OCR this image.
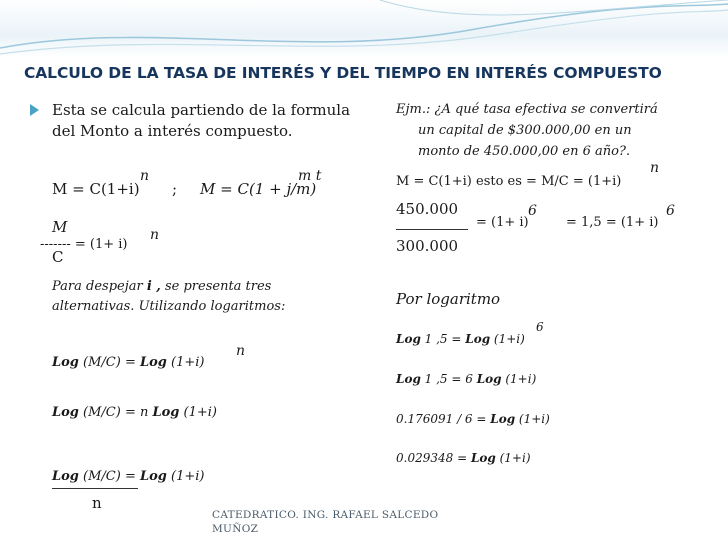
CALCULO DE LA TASA DE INTERÉS Y DEL TIEMPO EN INTERÉS COMPUESTO
Esta se calcula partiendo de la formula
del Monto a interés compuesto.
M = C(1+i)
n
; M = C(1 + j/m)
m t
M
------- = (1+ i)
n
C
Para despejar i , se presenta tres
alternativas. Utilizando logaritmos:
Log (M/C) = Log (1+i)
n
Log (M/C) = n Log (1+i)
Log (M/C) = Log (1+i)
n
Ejm.: ¿A qué tasa efectiva se convertirá
un capital de $300.000,00 en un
monto de 450.000,00 en 6 año?.
n
M = C(1+i) esto es = M/C = (1+i)
450.000
= (1+ i)
6
= 1,5 = (1+ i)
6
300.000
Por logaritmo
Log 1 ,5 = Log (1+i)
6
Log 1 ,5 = 6 Log (1+i)
0.176091 / 6 = Log (1+i)
0.029348 = Log (1+i)
CATEDRATICO. ING. RAFAEL SALCEDO
MUÑOZ
